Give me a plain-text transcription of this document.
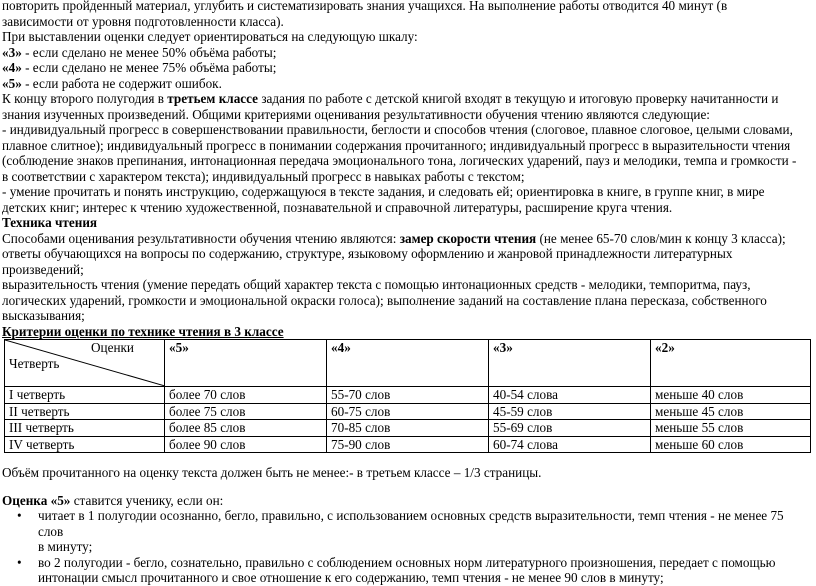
повторить пройденный материал, углубить и систематизировать знания учащихся. На выполнение работы отводится 40 минут (в

зависимости от уровня подготовленности класса).

При выставлении оценки следует ориентироваться на следующую шкалу:

«3» - если сделано не менее 50% объёма работы;

«4» - если сделано не менее 75% объёма работы;

«5» - если работа не содержит ошибок.

К концу второго полугодия в третьем классе задания по работе с детской книгой входят в текущую и итоговую проверку начитанности и

знания изученных произведений. Общими критериями оценивания результативности обучения чтению являются следующие:

- индивидуальный прогресс в совершенствовании правильности, беглости и способов чтения (слоговое, плавное слоговое, целыми словами,

плавное слитное); индивидуальный прогресс в понимании содержания прочитанного; индивидуальный прогресс в выразительности чтения

(соблюдение знаков препинания, интонационная передача эмоционального тона, логических ударений, пауз и мелодики, темпа и громкости -

в соответствии с характером текста); индивидуальный прогресс в навыках работы с текстом;

- умение прочитать и понять инструкцию, содержащуюся в тексте задания, и следовать ей; ориентировка в книге, в группе книг, в мире

детских книг; интерес к чтению художественной, познавательной и справочной литературы, расширение круга чтения.

Техника чтения

Способами оценивания результативности обучения чтению являются: замер скорости чтения (не менее 65-70 слов/мин к концу 3 класса);

ответы обучающихся на вопросы по содержанию, структуре, языковому оформлению и жанровой принадлежности литературных

произведений;

выразительность чтения (умение передать общий характер текста с помощью интонационных средств - мелодики, темпоритма, пауз,

логических ударений, громкости и эмоциональной окраски голоса); выполнение заданий на составление плана пересказа, собственного

высказывания;

Критерии оценки по технике чтения в 3 классе

Оценки
Четверть	«5»	«4»	«3»	«2»
I четверть	более 70 слов	55-70 слов	40-54 слова	меньше 40 слов
II четверть	более 75 слов	60-75 слов	45-59 слов	меньше 45 слов
III четверть	более 85 слов	70-85 слов	55-69 слов	меньше 55 слов
IV четверть	более 90 слов	75-90 слов	60-74 слова	меньше 60 слов

Объём прочитанного на оценку текста должен быть не менее:- в третьем классе – 1/3 страницы.

Оценка «5» ставится ученику, если он:

• читает в 1 полугодии осознанно, бегло, правильно, с использованием основных средств выразительности, темп чтения - не менее 75 слов
в минуту;
• во 2 полугодии - бегло, сознательно, правильно с соблюдением основных норм литературного произношения, передает с помощью
интонации смысл прочитанного и свое отношение к его содержанию, темп чтения - не менее 90 слов в минуту;
